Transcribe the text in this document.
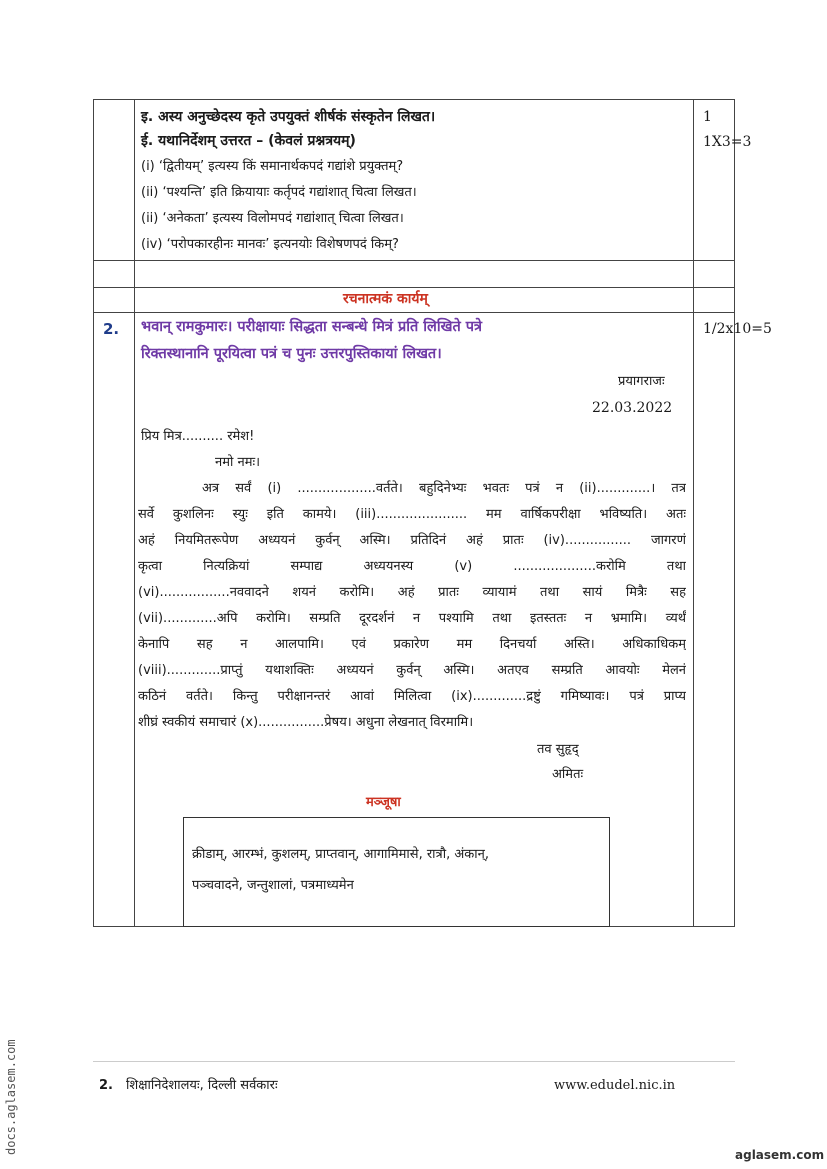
इ. अस्य अनुच्छेदस्य कृते उपयुक्तं शीर्षकं संस्कृतेन लिखत।
ई. यथानिर्देशम् उत्तरत – (केवलं प्रश्नत्रयम्)
(i) ‘द्वितीयम्’ इत्यस्य किं समानार्थकपदं गद्यांशे प्रयुक्तम्?
(ii) ‘पश्यन्ति’ इति क्रियायाः कर्तृपदं गद्यांशात् चित्वा लिखत।
(ii) ‘अनेकता’ इत्यस्य विलोमपदं गद्यांशात् चित्वा लिखत।
(iv) ‘परोपकारहीनः मानवः’ इत्यनयोः विशेषणपदं किम्?
1
1X3=3
रचनात्मकं कार्यम्
2. भवान् रामकुमारः। परीक्षायाः सिद्धता सन्बन्धे मित्रं प्रति लिखिते पत्रे
रिक्तस्थानानि पूरयित्वा पत्रं च पुनः उत्तरपुस्तिकायां लिखत।
1/2x10=5
प्रयागराजः
22.03.2022
प्रिय मित्र.......... रमेश!
नमो नमः।
अत्र सर्वं (i) ...................वर्तते। बहुदिनेभ्यः भवतः पत्रं न (ii).............। तत्र
सर्वे कुशलिनः स्युः इति कामये। (iii)...................... मम वार्षिकपरीक्षा भविष्यति। अतः
अहं नियमितरूपेण अध्ययनं कुर्वन् अस्मि। प्रतिदिनं अहं प्रातः (iv)................ जागरणं
कृत्वा नित्यक्रियां सम्पाद्य अध्ययनस्य (v) ....................करोमि तथा
(vi).................नववादने शयनं करोमि। अहं प्रातः व्यायामं तथा सायं मित्रैः सह
(vii).............अपि करोमि। सम्प्रति दूरदर्शनं न पश्यामि तथा इतस्ततः न भ्रमामि। व्यर्थं
केनापि सह न आलपामि। एवं प्रकारेण मम दिनचर्या अस्ति। अधिकाधिकम्
(viii).............प्राप्तुं यथाशक्तिः अध्ययनं कुर्वन् अस्मि। अतएव सम्प्रति आवयोः मेलनं
कठिनं वर्तते। किन्तु परीक्षानन्तरं आवां मिलित्वा (ix).............द्रष्टुं गमिष्यावः। पत्रं प्राप्य
शीघ्रं स्वकीयं समाचारं (x)................प्रेषय। अधुना लेखनात् विरमामि।
तव सुहृद्
अमितः
मञ्जूषा
क्रीडाम्, आरम्भं, कुशलम्, प्राप्तवान्, आगामिमासे, रात्रौ, अंकान्,
पञ्चवादने, जन्तुशालां, पत्रमाध्यमेन
2. शिक्षानिदेशालयः, दिल्ली सर्वकारः	www.edudel.nic.in
docs.aglasem.com	aglasem.com
